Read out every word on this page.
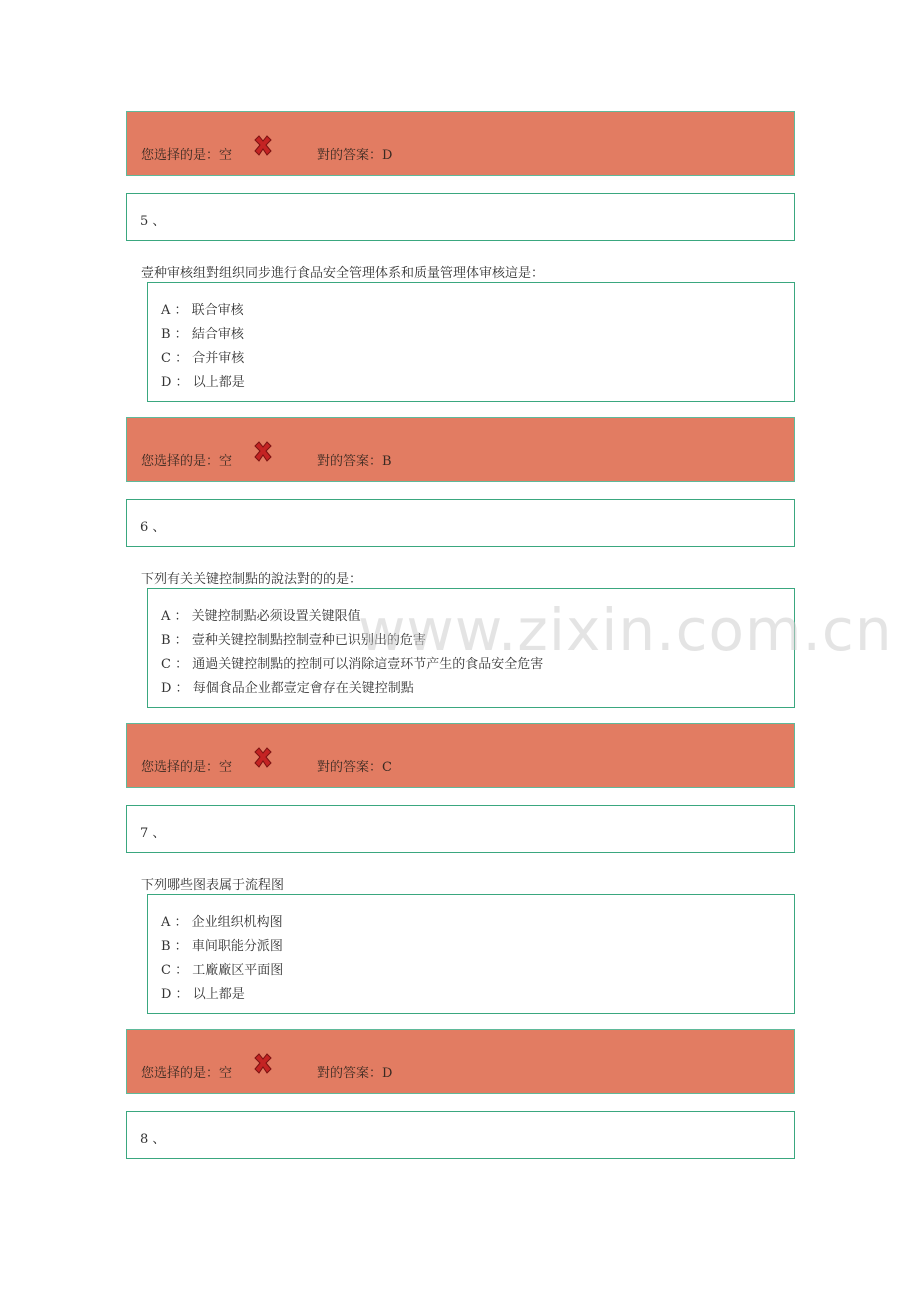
您选择的是：空	對的答案：D
5 、
壹种审核组對组织同步進行食品安全管理体系和质量管理体审核這是：
A ： 联合审核
B ： 結合审核
C ： 合并审核
D ： 以上都是
您选择的是：空	對的答案：B
6 、
下列有关关键控制點的說法對的的是：
A ： 关键控制點必须设置关键限值
B ： 壹种关键控制點控制壹种已识别出的危害
C ： 通過关键控制點的控制可以消除這壹环节产生的食品安全危害
D ： 每個食品企业都壹定會存在关键控制點
您选择的是：空	對的答案：C
7 、
下列哪些图表属于流程图
A ： 企业组织机构图
B ： 車间职能分派图
C ： 工廠廠区平面图
D ： 以上都是
您选择的是：空	對的答案：D
8 、
www.zixin.com.cn
